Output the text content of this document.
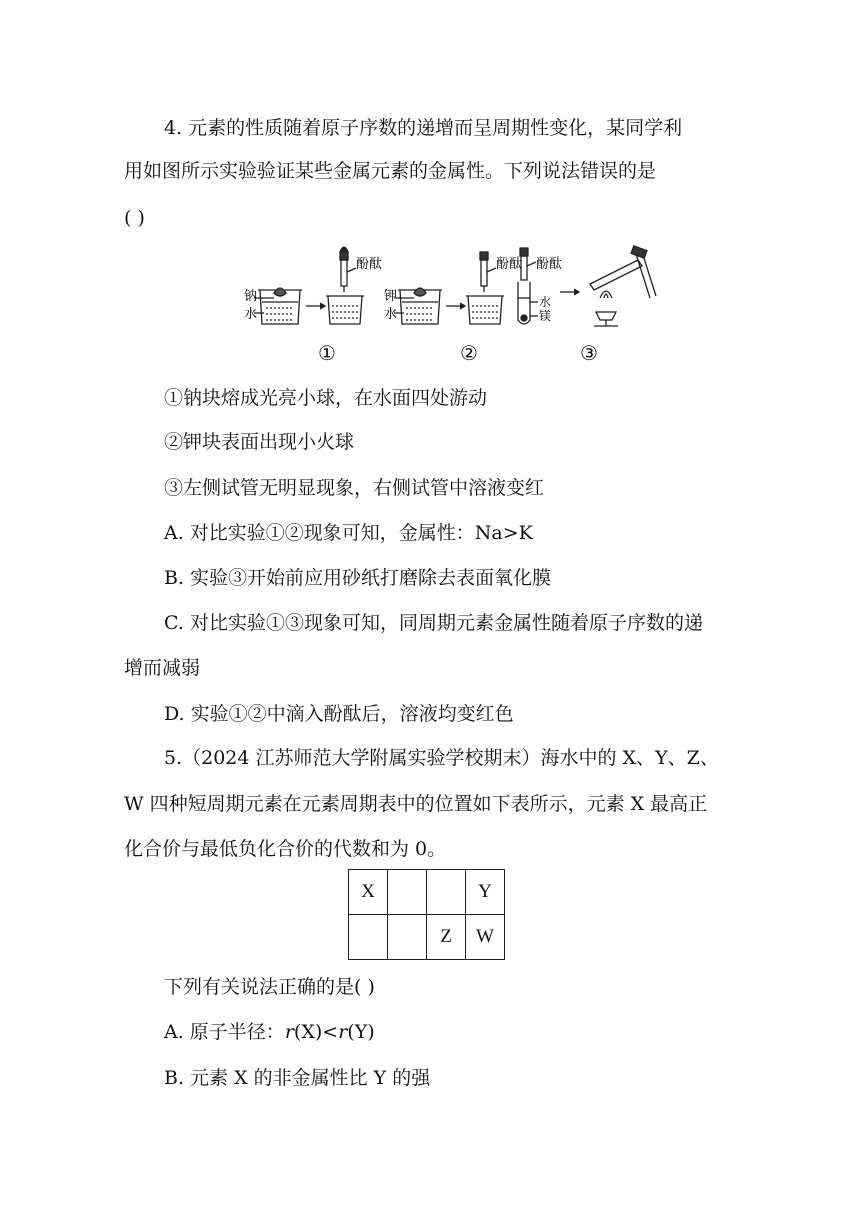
4. 元素的性质随着原子序数的递增而呈周期性变化，某同学利
用如图所示实验验证某些金属元素的金属性。下列说法错误的是
( )
钠
水
酚酞
钾
水
酚酞 酚酞
水
镁
①	②	③
①钠块熔成光亮小球，在水面四处游动
②钾块表面出现小火球
③左侧试管无明显现象，右侧试管中溶液变红
A. 对比实验①②现象可知，金属性：Na>K
B. 实验③开始前应用砂纸打磨除去表面氧化膜
C. 对比实验①③现象可知，同周期元素金属性随着原子序数的递
增而减弱
D. 实验①②中滴入酚酞后，溶液均变红色
5.（2024 江苏师范大学附属实验学校期末）海水中的 X、Y、Z、
W 四种短周期元素在元素周期表中的位置如下表所示，元素 X 最高正
化合价与最低负化合价的代数和为 0。
X			Y
		Z	W
下列有关说法正确的是( )
A. 原子半径：r(X)<r(Y)
B. 元素 X 的非金属性比 Y 的强
